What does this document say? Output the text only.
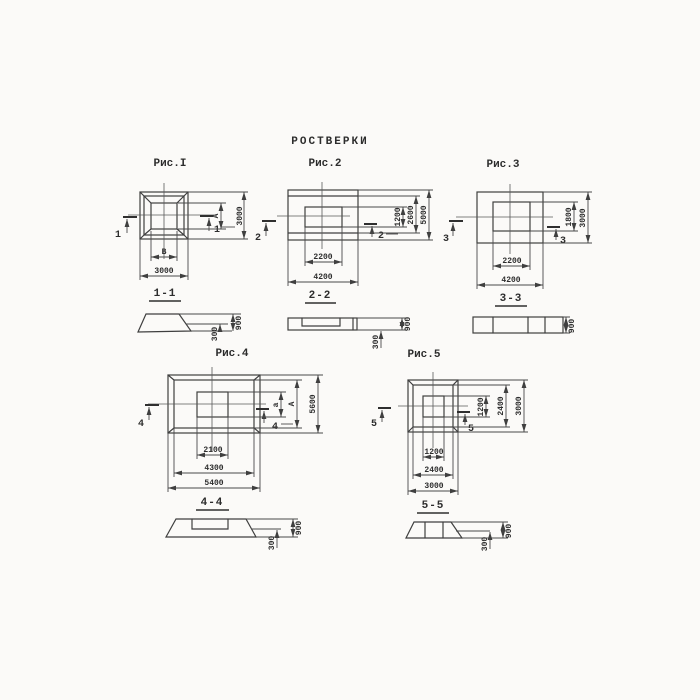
РОСТВЕРКИ
Рис.I
1	1
А 3000
В
3000
1-1
900
300
Рис.2
2	2
1200 2600 5000
2200
4200
2-2
900
300
Рис.3
3	3
1800 3000
2200
4200
3-3
900
Рис.4
4	4
а А 5600
2100
4300
5400
4-4
900
300
Рис.5
5	5
1200 2400 3000
1200
2400
3000
5-5
900
300
